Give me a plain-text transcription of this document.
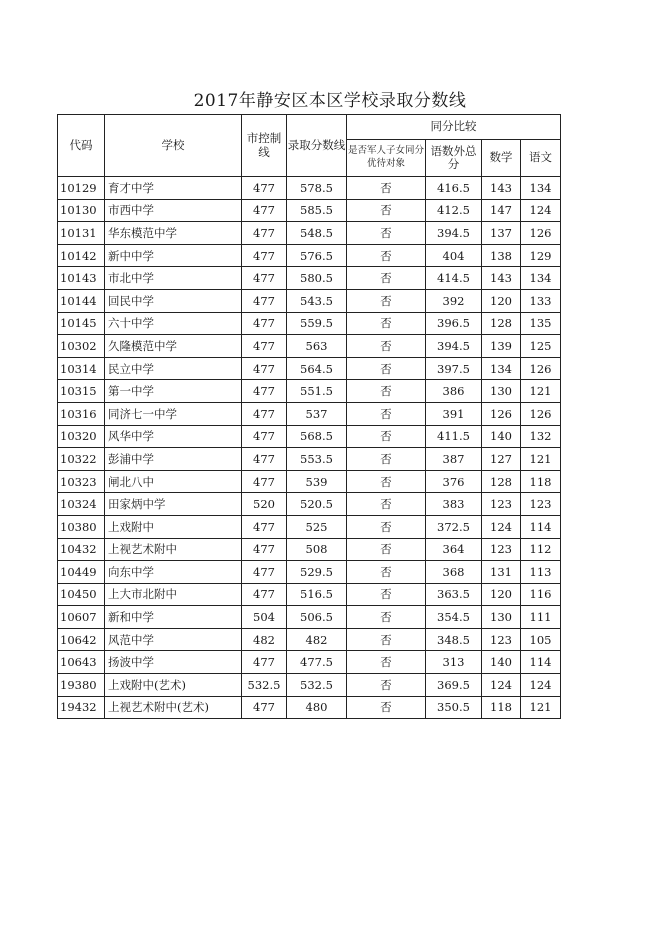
2017年静安区本区学校录取分数线
代码	学校	市控制线	录取分数线	同分比较			
				是否军人子女同分优待对象	语数外总分	数学	语文
10129	育才中学	477	578.5	否	416.5	143	134
10130	市西中学	477	585.5	否	412.5	147	124
10131	华东模范中学	477	548.5	否	394.5	137	126
10142	新中中学	477	576.5	否	404	138	129
10143	市北中学	477	580.5	否	414.5	143	134
10144	回民中学	477	543.5	否	392	120	133
10145	六十中学	477	559.5	否	396.5	128	135
10302	久隆模范中学	477	563	否	394.5	139	125
10314	民立中学	477	564.5	否	397.5	134	126
10315	第一中学	477	551.5	否	386	130	121
10316	同济七一中学	477	537	否	391	126	126
10320	风华中学	477	568.5	否	411.5	140	132
10322	彭浦中学	477	553.5	否	387	127	121
10323	闸北八中	477	539	否	376	128	118
10324	田家炳中学	520	520.5	否	383	123	123
10380	上戏附中	477	525	否	372.5	124	114
10432	上视艺术附中	477	508	否	364	123	112
10449	向东中学	477	529.5	否	368	131	113
10450	上大市北附中	477	516.5	否	363.5	120	116
10607	新和中学	504	506.5	否	354.5	130	111
10642	风范中学	482	482	否	348.5	123	105
10643	扬波中学	477	477.5	否	313	140	114
19380	上戏附中(艺术)	532.5	532.5	否	369.5	124	124
19432	上视艺术附中(艺术)	477	480	否	350.5	118	121
